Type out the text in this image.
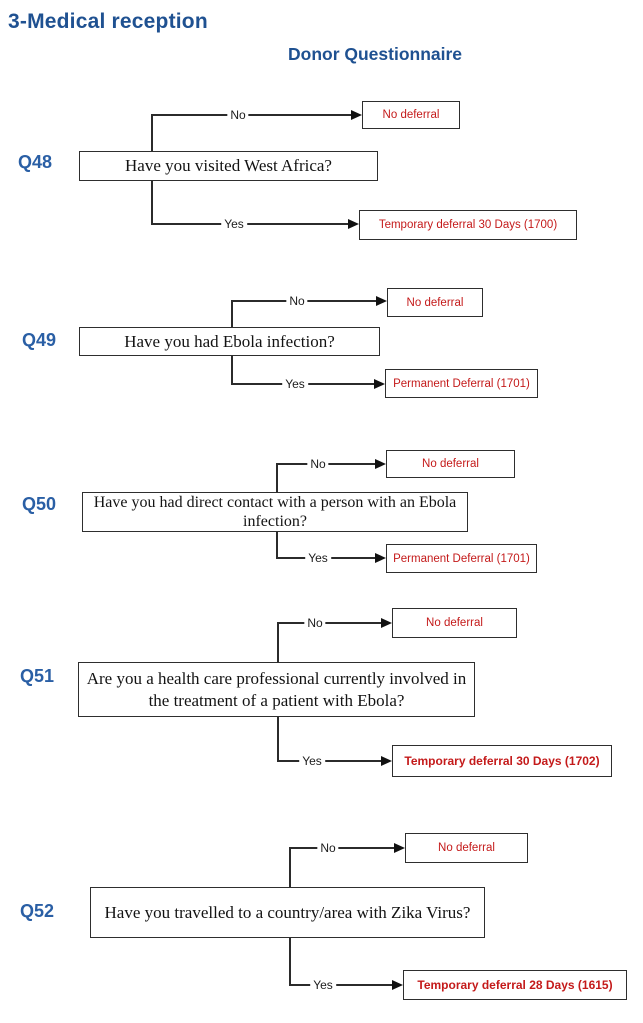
3-Medical reception
Donor Questionnaire
Q48	Have you visited West Africa?
No	No deferral
Yes	Temporary deferral 30 Days (1700)
Q49	Have you had Ebola infection?
No	No deferral
Yes	Permanent Deferral (1701)
Q50	Have you had direct contact with a person with an Ebola infection?
No	No deferral
Yes	Permanent Deferral (1701)
Q51	Are you a health care professional currently involved in the treatment of a patient with Ebola?
No	No deferral
Yes	Temporary deferral 30 Days (1702)
Q52	Have you travelled to a country/area with Zika Virus?
No	No deferral
Yes	Temporary deferral 28 Days (1615)
